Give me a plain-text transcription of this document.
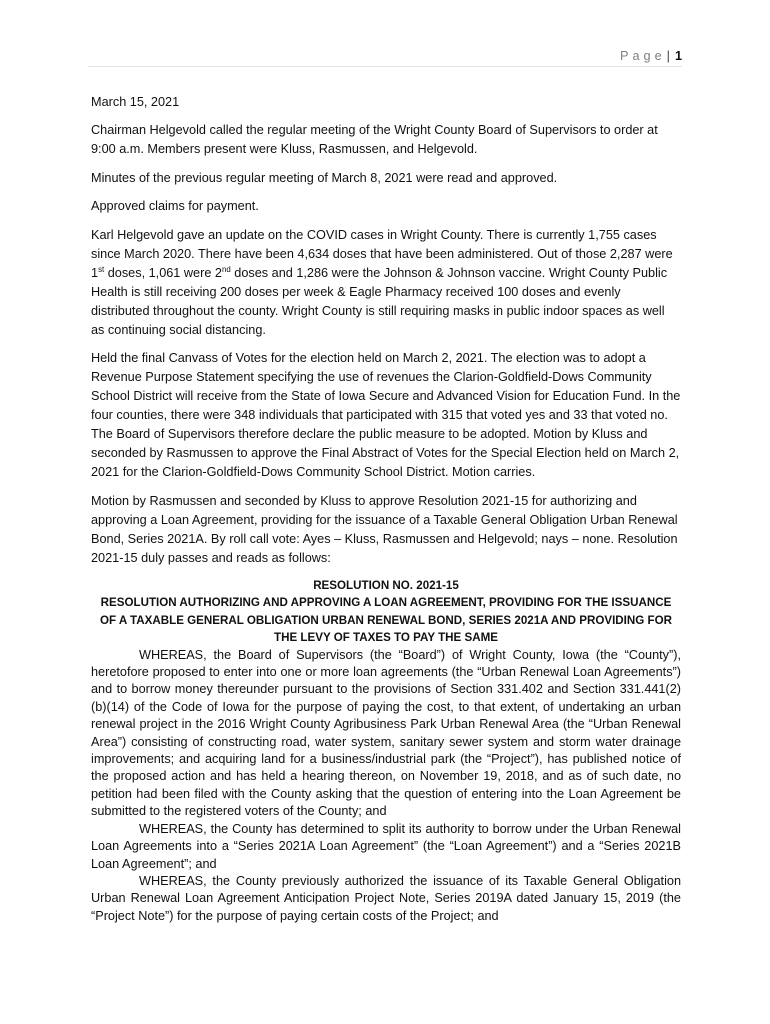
Page| 1

March 15, 2021

Chairman Helgevold called the regular meeting of the Wright County Board of Supervisors to order at 9:00 a.m. Members present were Kluss, Rasmussen, and Helgevold.

Minutes of the previous regular meeting of March 8, 2021 were read and approved.

Approved claims for payment.

Karl Helgevold gave an update on the COVID cases in Wright County. There is currently 1,755 cases since March 2020. There have been 4,634 doses that have been administered. Out of those 2,287 were 1st doses, 1,061 were 2nd doses and 1,286 were the Johnson & Johnson vaccine. Wright County Public Health is still receiving 200 doses per week & Eagle Pharmacy received 100 doses and evenly distributed throughout the county. Wright County is still requiring masks in public indoor spaces as well as continuing social distancing.

Held the final Canvass of Votes for the election held on March 2, 2021. The election was to adopt a Revenue Purpose Statement specifying the use of revenues the Clarion-Goldfield-Dows Community School District will receive from the State of Iowa Secure and Advanced Vision for Education Fund. In the four counties, there were 348 individuals that participated with 315 that voted yes and 33 that voted no. The Board of Supervisors therefore declare the public measure to be adopted. Motion by Kluss and seconded by Rasmussen to approve the Final Abstract of Votes for the Special Election held on March 2, 2021 for the Clarion-Goldfield-Dows Community School District. Motion carries.

Motion by Rasmussen and seconded by Kluss to approve Resolution 2021-15 for authorizing and approving a Loan Agreement, providing for the issuance of a Taxable General Obligation Urban Renewal Bond, Series 2021A. By roll call vote: Ayes – Kluss, Rasmussen and Helgevold; nays – none. Resolution 2021-15 duly passes and reads as follows:

RESOLUTION NO. 2021-15

RESOLUTION AUTHORIZING AND APPROVING A LOAN AGREEMENT, PROVIDING FOR THE ISSUANCE OF A TAXABLE GENERAL OBLIGATION URBAN RENEWAL BOND, SERIES 2021A AND PROVIDING FOR THE LEVY OF TAXES TO PAY THE SAME

WHEREAS, the Board of Supervisors (the “Board”) of Wright County, Iowa (the “County”), heretofore proposed to enter into one or more loan agreements (the “Urban Renewal Loan Agreements”) and to borrow money thereunder pursuant to the provisions of Section 331.402 and Section 331.441(2)(b)(14) of the Code of Iowa for the purpose of paying the cost, to that extent, of undertaking an urban renewal project in the 2016 Wright County Agribusiness Park Urban Renewal Area (the “Urban Renewal Area”) consisting of constructing road, water system, sanitary sewer system and storm water drainage improvements; and acquiring land for a business/industrial park (the “Project”), has published notice of the proposed action and has held a hearing thereon, on November 19, 2018, and as of such date, no petition had been filed with the County asking that the question of entering into the Loan Agreement be submitted to the registered voters of the County; and

WHEREAS, the County has determined to split its authority to borrow under the Urban Renewal Loan Agreements into a “Series 2021A Loan Agreement” (the “Loan Agreement”) and a “Series 2021B Loan Agreement”; and

WHEREAS, the County previously authorized the issuance of its Taxable General Obligation Urban Renewal Loan Agreement Anticipation Project Note, Series 2019A dated January 15, 2019 (the “Project Note”) for the purpose of paying certain costs of the Project; and
